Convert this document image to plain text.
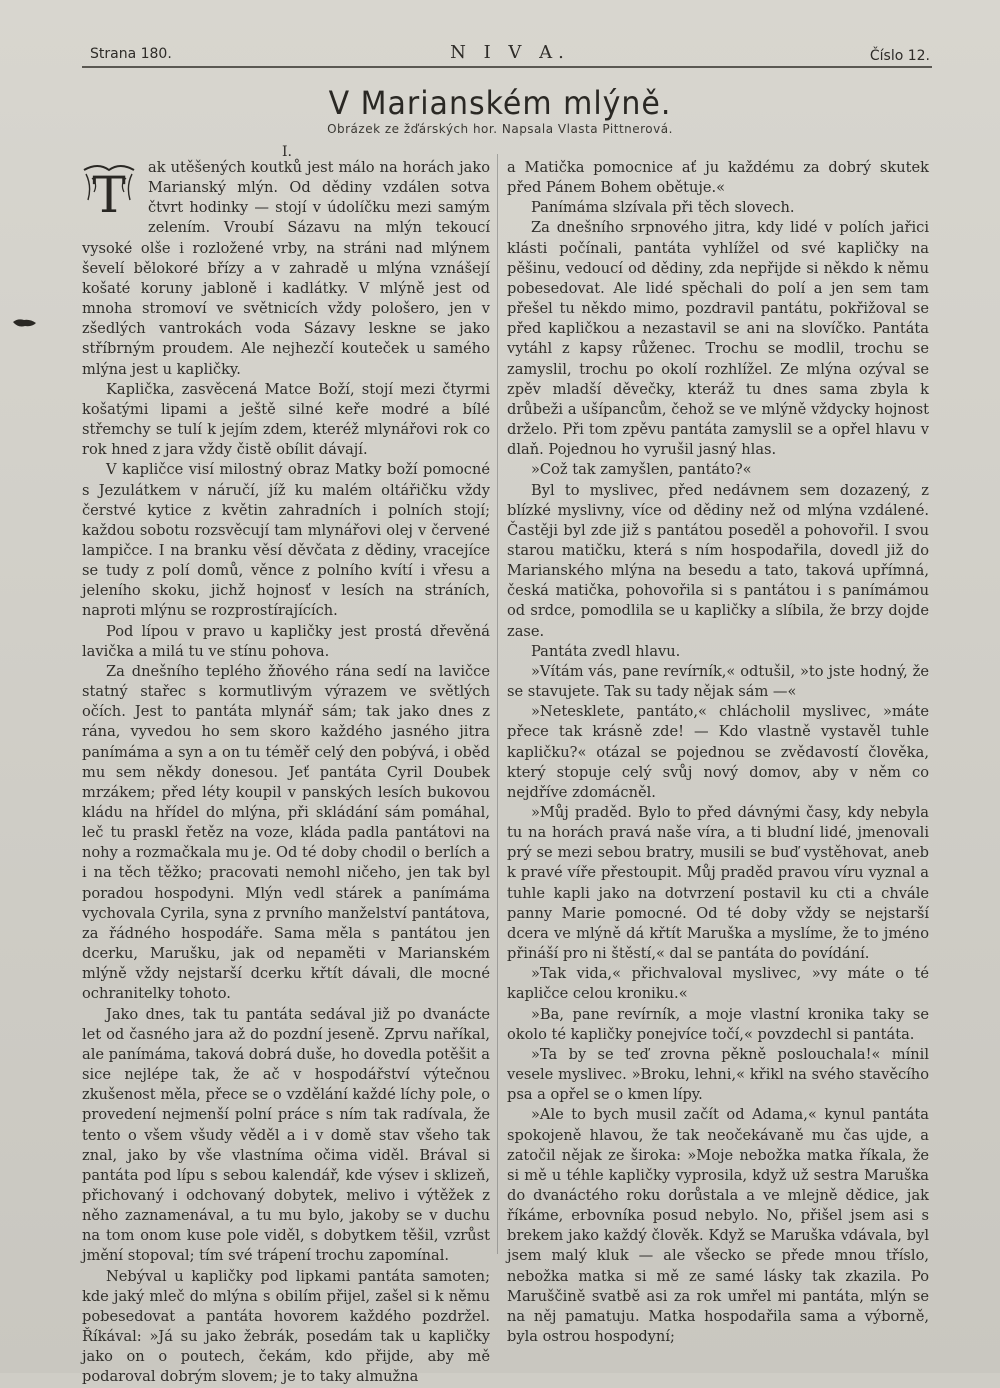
Strana 180.	N I V A.	Číslo 12.
V Marianském mlýně.
Obrázek ze žďárských hor. Napsala Vlasta Pittnerová.
I.
T	ak utěšených koutků jest málo na horách jako Marianský mlýn. Od dědiny vzdálen sotva čtvrt hodinky — stojí v údolíčku mezi samým zelením. Vroubí Sázavu na mlýn tekoucí vysoké olše i rozložené vrby, na stráni nad mlýnem ševelí bělokoré břízy a v zahradě u mlýna vznášejí košaté koruny jabloně i kadlátky. V mlýně jest od mnoha stromoví ve světnicích vždy pološero, jen v zšedlých vantrokách voda Sázavy leskne se jako stříbrným proudem. Ale nejhezčí kouteček u samého mlýna jest u kapličky.

Kaplička, zasvěcená Matce Boží, stojí mezi čtyrmi košatými lipami a ještě silné keře modré a bílé střemchy se tulí k jejím zdem, kteréž mlynářovi rok co rok hned z jara vždy čistě obílit dávají.

V kapličce visí milostný obraz Matky boží pomocné s Jezulátkem v náručí, jíž ku malém oltářičku vždy čerstvé kytice z květin zahradních i polních stojí; každou sobotu rozsvěcují tam mlynářovi olej v červené lampičce. I na branku věsí děvčata z dědiny, vracejíce se tudy z polí domů, věnce z polního kvítí i vřesu a jeleního skoku, jichž hojnosť v lesích na stráních, naproti mlýnu se rozprostírajících.

Pod lípou v pravo u kapličky jest prostá dřevěná lavička a milá tu ve stínu pohova.

Za dnešního teplého žňového rána sedí na lavičce statný stařec s kormutlivým výrazem ve světlých očích. Jest to pantáta mlynář sám; tak jako dnes z rána, vyvedou ho sem skoro každého jasného jitra panímáma a syn a on tu téměř celý den pobývá, i oběd mu sem někdy donesou. Jeť pantáta Cyril Doubek mrzákem; před léty koupil v panských lesích bukovou kládu na hřídel do mlýna, při skládání sám pomáhal, leč tu praskl řetěz na voze, kláda padla pantátovi na nohy a rozmačkala mu je. Od té doby chodil o berlích a i na těch těžko; pracovati nemohl ničeho, jen tak byl poradou hospodyni. Mlýn vedl stárek a panímáma vychovala Cyrila, syna z prvního manželství pantátova, za řádného hospodáře. Sama měla s pantátou jen dcerku, Marušku, jak od nepaměti v Marianském mlýně vždy nejstarší dcerku křtít dávali, dle mocné ochranitelky tohoto.

Jako dnes, tak tu pantáta sedával již po dvanácte let od časného jara až do pozdní jeseně. Zprvu naříkal, ale panímáma, taková dobrá duše, ho dovedla potěšit a sice nejlépe tak, že ač v hospodářství výtečnou zkušenost měla, přece se o vzdělání každé líchy pole, o provedení nejmenší polní práce s ním tak radívala, že tento o všem všudy věděl a i v domě stav všeho tak znal, jako by vše vlastníma očima viděl. Brával si pantáta pod lípu s sebou kalendář, kde výsev i sklizeň, přichovaný i odchovaný dobytek, melivo i výtěžek z něho zaznamenával, a tu mu bylo, jakoby se v duchu na tom onom kuse pole viděl, s dobytkem těšil, vzrůst jmění stopoval; tím své trápení trochu zapomínal.

Nebýval u kapličky pod lipkami pantáta samoten; kde jaký mleč do mlýna s obilím přijel, zašel si k němu pobesedovat a pantáta hovorem každého pozdržel. Říkával: »Já su jako žebrák, posedám tak u kapličky jako on o poutech, čekám, kdo přijde, aby mě podaroval dobrým slovem; je to taky almužna

a Matička pomocnice ať ju každému za dobrý skutek před Pánem Bohem obětuje.«

Panímáma slzívala při těch slovech.

Za dnešního srpnového jitra, kdy lidé v polích jařici klásti počínali, pantáta vyhlížel od své kapličky na pěšinu, vedoucí od dědiny, zda nepřijde si někdo k němu pobesedovat. Ale lidé spěchali do polí a jen sem tam přešel tu někdo mimo, pozdravil pantátu, pokřižoval se před kapličkou a nezastavil se ani na slovíčko. Pantáta vytáhl z kapsy růženec. Trochu se modlil, trochu se zamyslil, trochu po okolí rozhlížel. Ze mlýna ozýval se zpěv mladší děvečky, kteráž tu dnes sama zbyla k drůbeži a ušípancům, čehož se ve mlýně vždycky hojnost drželo. Při tom zpěvu pantáta zamyslil se a opřel hlavu v dlaň. Pojednou ho vyrušil jasný hlas.

»Což tak zamyšlen, pantáto?«

Byl to myslivec, před nedávnem sem dozazený, z blízké myslivny, více od dědiny než od mlýna vzdálené. Častěji byl zde již s pantátou poseděl a pohovořil. I svou starou matičku, která s ním hospodařila, dovedl již do Marianského mlýna na besedu a tato, taková upřímná, česká matička, pohovořila si s pantátou i s panímámou od srdce, pomodlila se u kapličky a slíbila, že brzy dojde zase.

Pantáta zvedl hlavu.

»Vítám vás, pane revírník,« odtušil, »to jste hodný, že se stavujete. Tak su tady nějak sám —«

»Netesklete, pantáto,« chlácholil myslivec, »máte přece tak krásně zde! — Kdo vlastně vystavěl tuhle kapličku?« otázal se pojednou se zvědavostí člověka, který stopuje celý svůj nový domov, aby v něm co nejdříve zdomácněl.

»Můj praděd. Bylo to před dávnými časy, kdy nebyla tu na horách pravá naše víra, a ti bludní lidé, jmenovali prý se mezi sebou bratry, musili se buď vystěhovat, aneb k pravé víře přestoupit. Můj praděd pravou víru vyznal a tuhle kapli jako na dotvrzení postavil ku cti a chvále panny Marie pomocné. Od té doby vždy se nejstarší dcera ve mlýně dá křtít Maruška a myslíme, že to jméno přináší pro ni štěstí,« dal se pantáta do povídání.

»Tak vida,« přichvaloval myslivec, »vy máte o té kapličce celou kroniku.«

»Ba, pane revírník, a moje vlastní kronika taky se okolo té kapličky ponejvíce točí,« povzdechl si pantáta.

»Ta by se teď zrovna pěkně poslouchala!« mínil vesele myslivec. »Broku, lehni,« křikl na svého stavěcího psa a opřel se o kmen lípy.

»Ale to bych musil začít od Adama,« kynul pantáta spokojeně hlavou, že tak neočekávaně mu čas ujde, a zatočil nějak ze široka: »Moje nebožka matka říkala, že si mě u téhle kapličky vyprosila, když už sestra Maruška do dvanáctého roku dorůstala a ve mlejně dědice, jak říkáme, erbovníka posud nebylo. No, přišel jsem asi s brekem jako každý člověk. Když se Maruška vdávala, byl jsem malý kluk — ale všecko se přede mnou tříslo, nebožka matka si mě ze samé lásky tak zkazila. Po Maruščině svatbě asi za rok umřel mi pantáta, mlýn se na něj pamatuju. Matka hospodařila sama a výborně, byla ostrou hospodyní;
